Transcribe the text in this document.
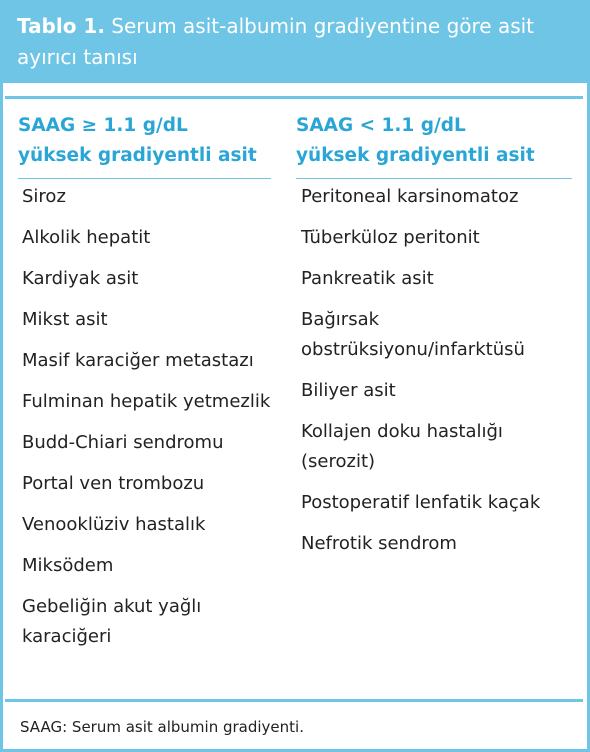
Tablo 1. Serum asit-albumin gradiyentine göre asit ayırıcı tanısı
SAAG ≥ 1.1 g/dL
yüksek gradiyentli asit
SAAG < 1.1 g/dL
yüksek gradiyentli asit
Siroz
Alkolik hepatit
Kardiyak asit
Mikst asit
Masif karaciğer metastazı
Fulminan hepatik yetmezlik
Budd-Chiari sendromu
Portal ven trombozu
Venooklüziv hastalık
Miksödem
Gebeliğin akut yağlı karaciğeri
Peritoneal karsinomatoz
Tüberküloz peritonit
Pankreatik asit
Bağırsak obstrüksiyonu/infarktüsü
Biliyer asit
Kollajen doku hastalığı (serozit)
Postoperatif lenfatik kaçak
Nefrotik sendrom
SAAG: Serum asit albumin gradiyenti.
